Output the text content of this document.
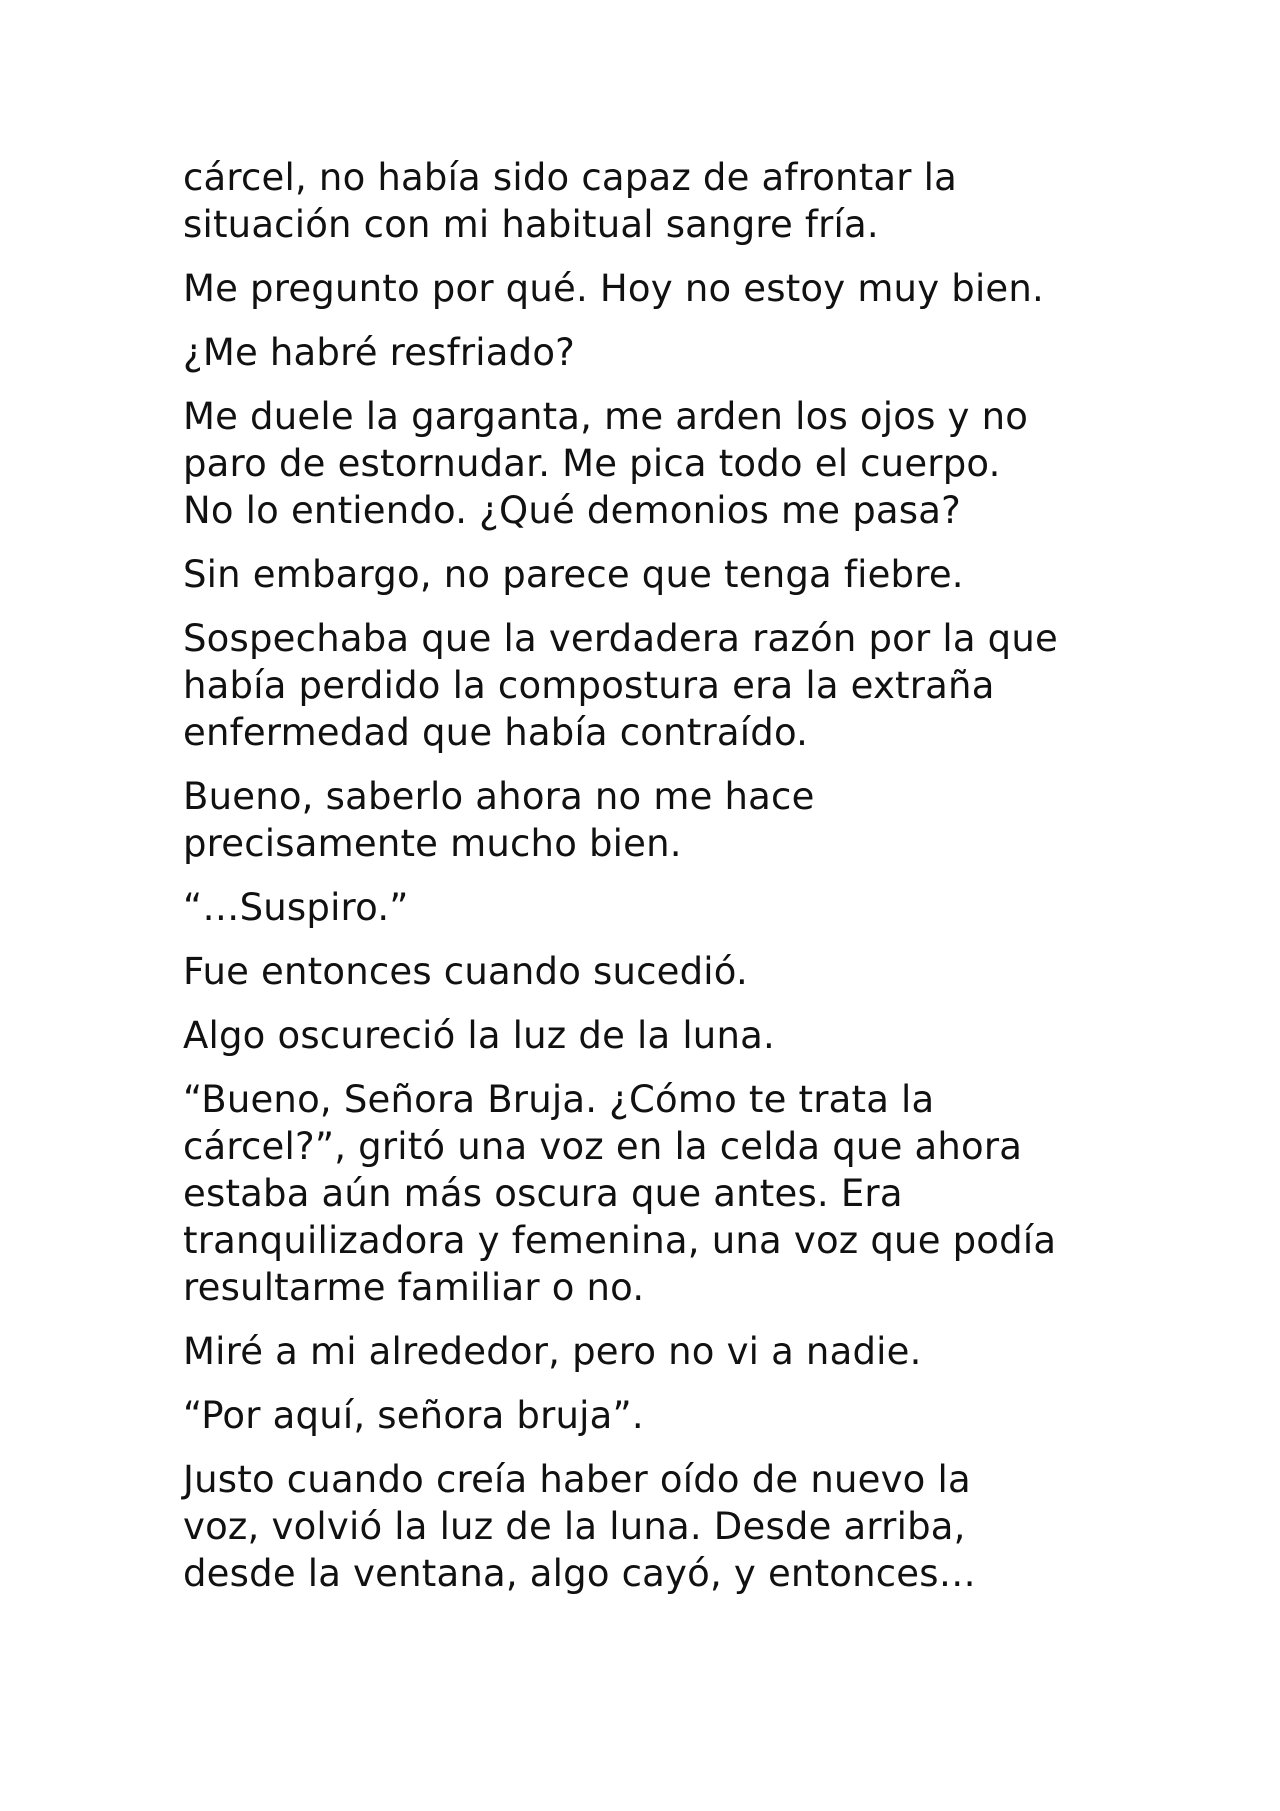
cárcel, no había sido capaz de afrontar la
situación con mi habitual sangre fría.

Me pregunto por qué. Hoy no estoy muy bien.

¿Me habré resfriado?

Me duele la garganta, me arden los ojos y no
paro de estornudar. Me pica todo el cuerpo.
No lo entiendo. ¿Qué demonios me pasa?

Sin embargo, no parece que tenga fiebre.

Sospechaba que la verdadera razón por la que
había perdido la compostura era la extraña
enfermedad que había contraído.

Bueno, saberlo ahora no me hace
precisamente mucho bien.

“…Suspiro.”

Fue entonces cuando sucedió.

Algo oscureció la luz de la luna.

“Bueno, Señora Bruja. ¿Cómo te trata la
cárcel?”, gritó una voz en la celda que ahora
estaba aún más oscura que antes. Era
tranquilizadora y femenina, una voz que podía
resultarme familiar o no.

Miré a mi alrededor, pero no vi a nadie.

“Por aquí, señora bruja”.

Justo cuando creía haber oído de nuevo la
voz, volvió la luz de la luna. Desde arriba,
desde la ventana, algo cayó, y entonces…
